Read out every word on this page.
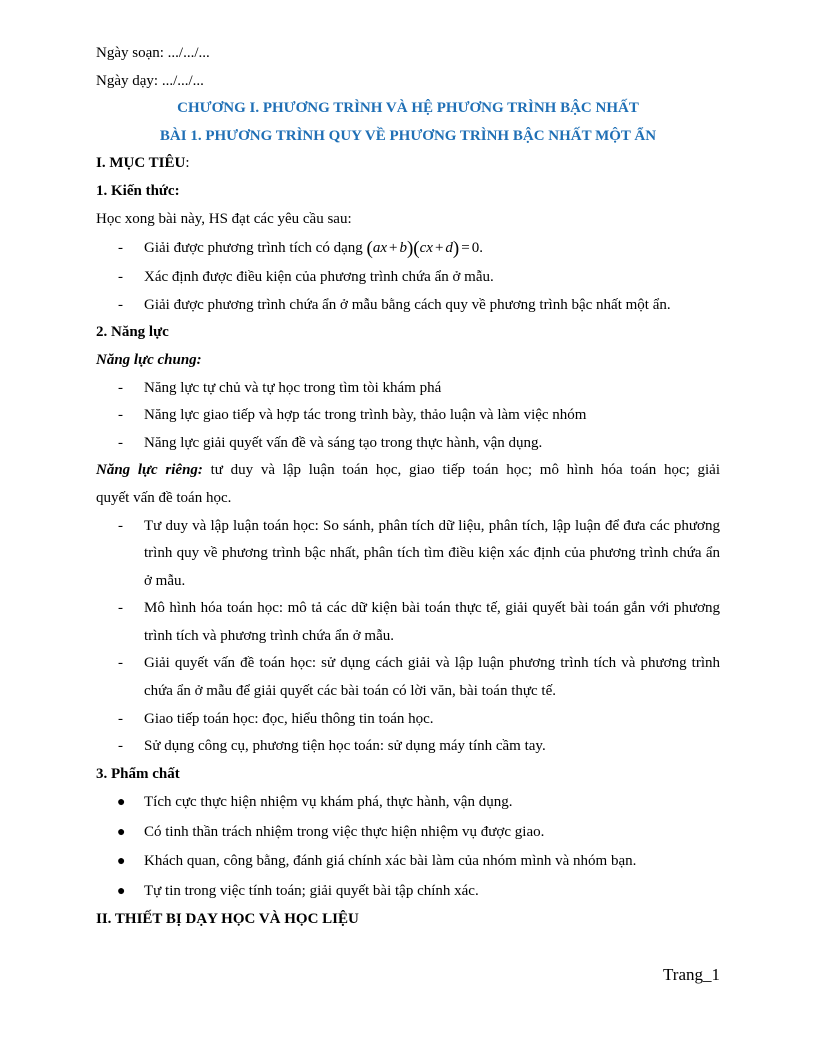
Ngày soạn: .../.../...
Ngày dạy: .../.../...
CHƯƠNG I. PHƯƠNG TRÌNH VÀ HỆ PHƯƠNG TRÌNH BẬC NHẤT
BÀI 1. PHƯƠNG TRÌNH QUY VỀ PHƯƠNG TRÌNH BẬC NHẤT MỘT ẨN
I. MỤC TIÊU:
1. Kiến thức:
Học xong bài này, HS đạt các yêu cầu sau:
- Giải được phương trình tích có dạng (ax + b)(cx + d) = 0.
- Xác định được điều kiện của phương trình chứa ẩn ở mẫu.
- Giải được phương trình chứa ẩn ở mẫu bằng cách quy về phương trình bậc nhất một ẩn.
2. Năng lực
Năng lực chung:
- Năng lực tự chủ và tự học trong tìm tòi khám phá
- Năng lực giao tiếp và hợp tác trong trình bày, thảo luận và làm việc nhóm
- Năng lực giải quyết vấn đề và sáng tạo trong thực hành, vận dụng.
Năng lực riêng: tư duy và lập luận toán học, giao tiếp toán học; mô hình hóa toán học; giải
quyết vấn đề toán học.
- Tư duy và lập luận toán học: So sánh, phân tích dữ liệu, phân tích, lập luận để đưa các phương trình quy về phương trình bậc nhất, phân tích tìm điều kiện xác định của phương trình chứa ẩn ở mẫu.
- Mô hình hóa toán học: mô tả các dữ kiện bài toán thực tế, giải quyết bài toán gắn với phương trình tích và phương trình chứa ẩn ở mẫu.
- Giải quyết vấn đề toán học: sử dụng cách giải và lập luận phương trình tích và phương trình chứa ẩn ở mẫu để giải quyết các bài toán có lời văn, bài toán thực tế.
- Giao tiếp toán học: đọc, hiểu thông tin toán học.
- Sử dụng công cụ, phương tiện học toán: sử dụng máy tính cầm tay.
3. Phẩm chất
● Tích cực thực hiện nhiệm vụ khám phá, thực hành, vận dụng.
● Có tinh thần trách nhiệm trong việc thực hiện nhiệm vụ được giao.
● Khách quan, công bằng, đánh giá chính xác bài làm của nhóm mình và nhóm bạn.
● Tự tin trong việc tính toán; giải quyết bài tập chính xác.
II. THIẾT BỊ DẠY HỌC VÀ HỌC LIỆU
Trang_1
